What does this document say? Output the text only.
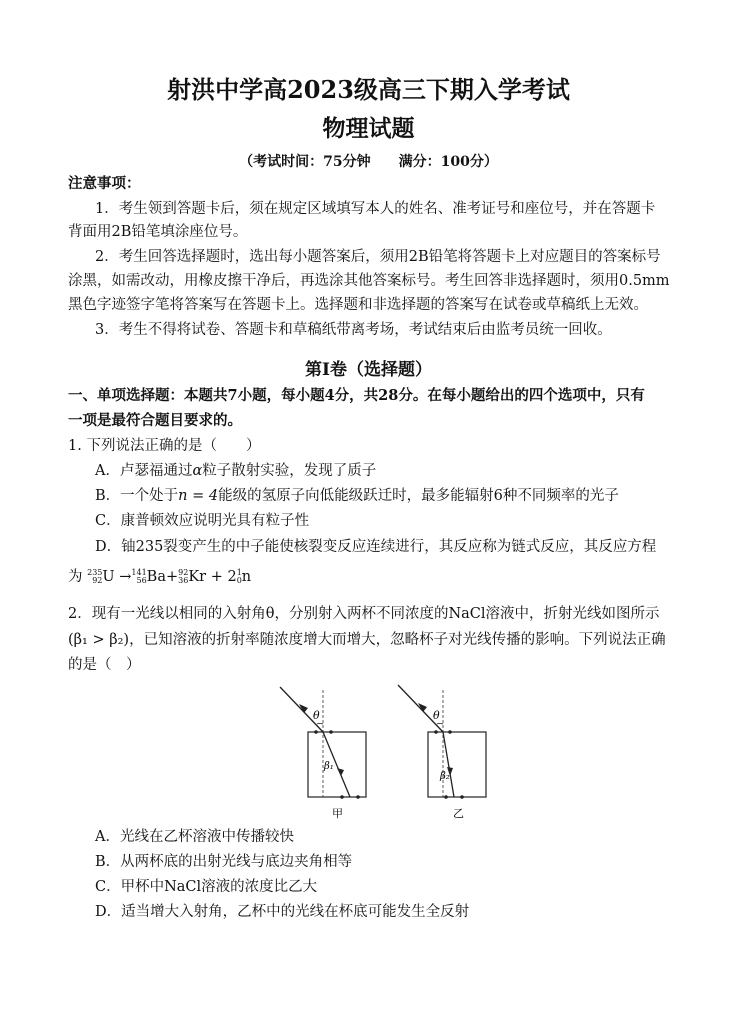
射洪中学高2023级高三下期入学考试
物理试题
（考试时间：75分钟　　满分：100分）
注意事项：
1．考生领到答题卡后，须在规定区域填写本人的姓名、准考证号和座位号，并在答题卡
背面用2B铅笔填涂座位号。
2．考生回答选择题时，选出每小题答案后，须用2B铅笔将答题卡上对应题目的答案标号
涂黑，如需改动，用橡皮擦干净后，再选涂其他答案标号。考生回答非选择题时，须用0.5mm
黑色字迹签字笔将答案写在答题卡上。选择题和非选择题的答案写在试卷或草稿纸上无效。
3．考生不得将试卷、答题卡和草稿纸带离考场，考试结束后由监考员统一回收。
第Ⅰ卷（选择题）
一、单项选择题：本题共7小题，每小题4分，共28分。在每小题给出的四个选项中，只有
一项是最符合题目要求的。
1. 下列说法正确的是（　　）
A．卢瑟福通过α粒子散射实验，发现了质子
B．一个处于n = 4能级的氢原子向低能级跃迁时，最多能辐射6种不同频率的光子
C．康普顿效应说明光具有粒子性
D．铀235裂变产生的中子能使核裂变反应连续进行，其反应称为链式反应，其反应方程
为 235
92 U → 141
56 Ba+ 92
36 Kr + 2 1
0 n
2．现有一光线以相同的入射角θ，分别射入两杯不同浓度的NaCl溶液中，折射光线如图所示
(β₁ > β₂)，已知溶液的折射率随浓度增大而增大，忽略杯子对光线传播的影响。下列说法正确
的是（　）
θ
β₁
甲
θ
β₂
乙
A．光线在乙杯溶液中传播较快
B．从两杯底的出射光线与底边夹角相等
C．甲杯中NaCl溶液的浓度比乙大
D．适当增大入射角，乙杯中的光线在杯底可能发生全反射
